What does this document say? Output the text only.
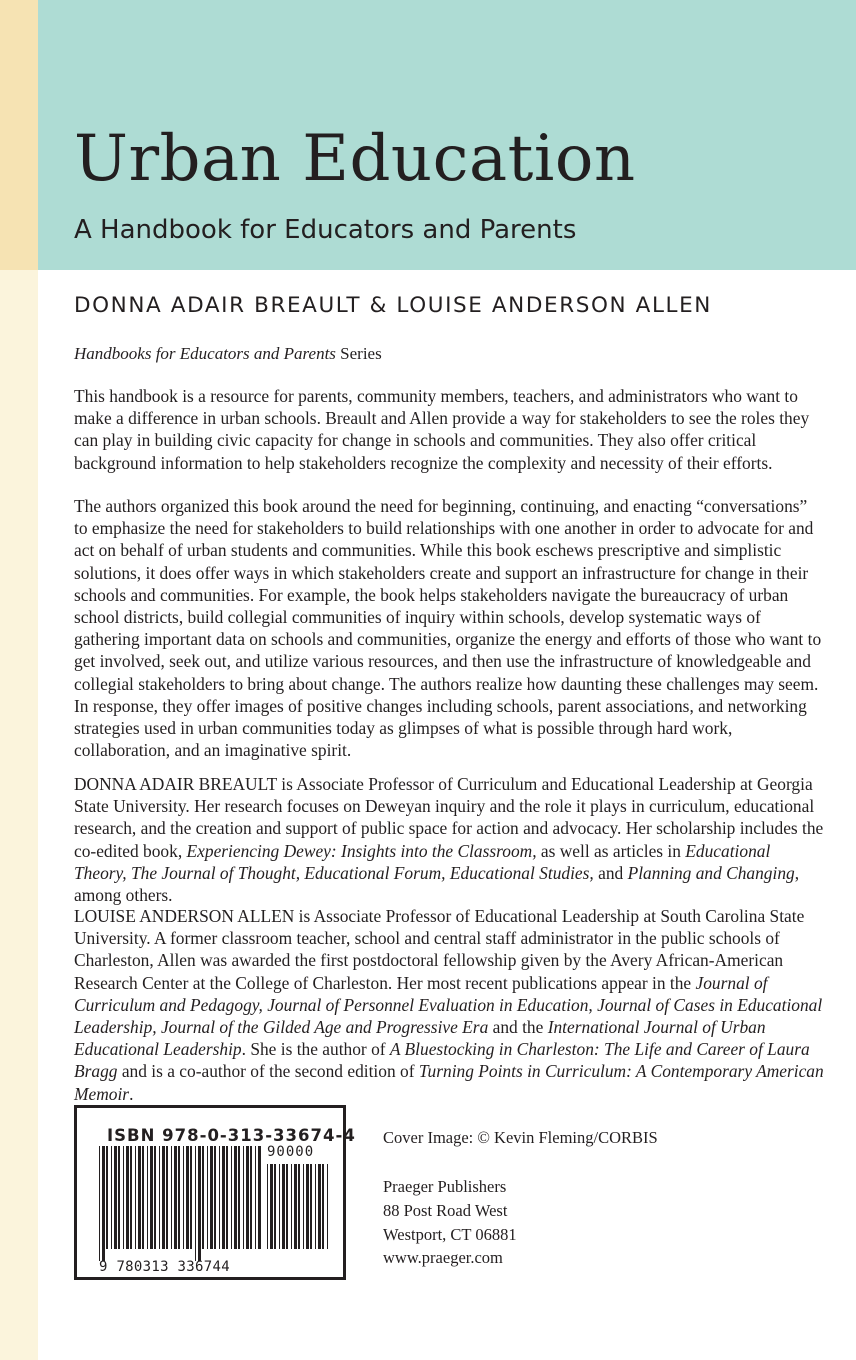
Urban Education
A Handbook for Educators and Parents
DONNA ADAIR BREAULT & LOUISE ANDERSON ALLEN
Handbooks for Educators and Parents Series

This handbook is a resource for parents, community members, teachers, and administrators who want to make a difference in urban schools. Breault and Allen provide a way for stakeholders to see the roles they can play in building civic capacity for change in schools and communities. They also offer critical background information to help stakeholders recognize the complexity and necessity of their efforts.

The authors organized this book around the need for beginning, continuing, and enacting “conversations” to emphasize the need for stakeholders to build relationships with one another in order to advocate for and act on behalf of urban students and communities. While this book eschews prescriptive and simplistic solutions, it does offer ways in which stakeholders create and support an infrastructure for change in their schools and communities. For example, the book helps stakeholders navigate the bureaucracy of urban school districts, build collegial communities of inquiry within schools, develop systematic ways of gathering important data on schools and communities, organize the energy and efforts of those who want to get involved, seek out, and utilize various resources, and then use the infrastructure of knowledgeable and collegial stakeholders to bring about change. The authors realize how daunting these challenges may seem. In response, they offer images of positive changes including schools, parent associations, and networking strategies used in urban communities today as glimpses of what is possible through hard work, collaboration, and an imaginative spirit.

DONNA ADAIR BREAULT is Associate Professor of Curriculum and Educational Leadership at Georgia State University. Her research focuses on Deweyan inquiry and the role it plays in curriculum, educational research, and the creation and support of public space for action and advocacy. Her scholarship includes the co-edited book, Experiencing Dewey: Insights into the Classroom, as well as articles in Educational Theory, The Journal of Thought, Educational Forum, Educational Studies, and Planning and Changing, among others.

LOUISE ANDERSON ALLEN is Associate Professor of Educational Leadership at South Carolina State University. A former classroom teacher, school and central staff administrator in the public schools of Charleston, Allen was awarded the first postdoctoral fellowship given by the Avery African-American Research Center at the College of Charleston. Her most recent publications appear in the Journal of Curriculum and Pedagogy, Journal of Personnel Evaluation in Education, Journal of Cases in Educational Leadership, Journal of the Gilded Age and Progressive Era and the International Journal of Urban Educational Leadership. She is the author of A Bluestocking in Charleston: The Life and Career of Laura Bragg and is a co-author of the second edition of Turning Points in Curriculum: A Contemporary American Memoir.

ISBN 978-0-313-33674-4
90000
9 780313 336744
Cover Image: © Kevin Fleming/CORBIS
Praeger Publishers
88 Post Road West
Westport, CT 06881
www.praeger.com
